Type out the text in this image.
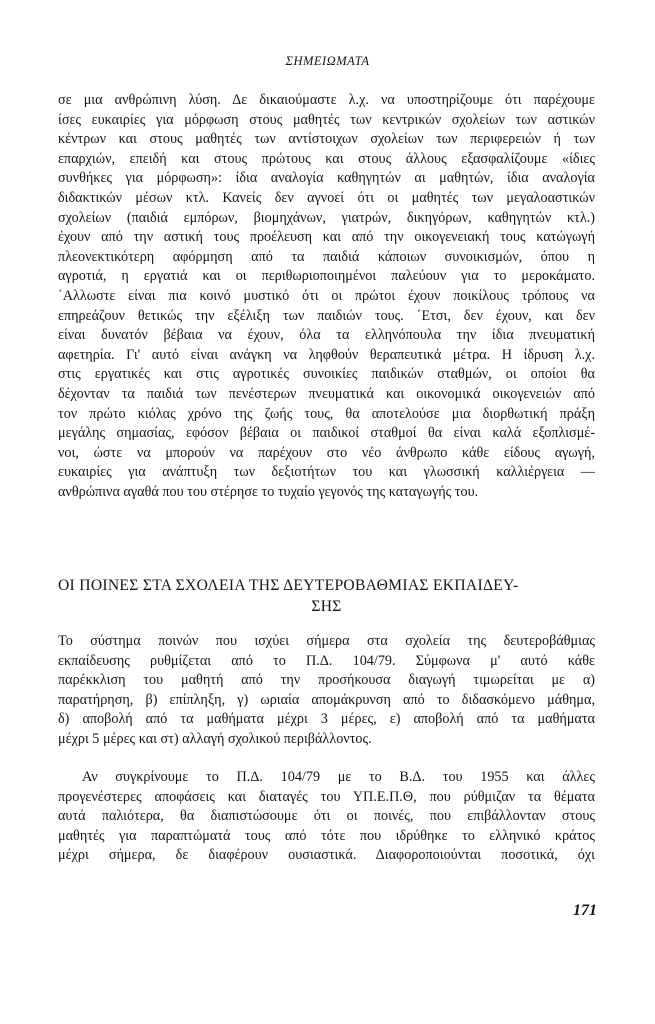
ΣΗΜΕΙΩΜΑΤΑ
σε μια ανθρώπινη λύση. Δε δικαιούμαστε λ.χ. να υποστηρίζουμε ότι παρέχουμε
ίσες ευκαιρίες για μόρφωση στους μαθητές των κεντρικών σχολείων των αστικών
κέντρων και στους μαθητές των αντίστοιχων σχολείων των περιφερειών ή των
επαρχιών, επειδή και στους πρώτους και στους άλλους εξασφαλίζουμε «ίδιες
συνθήκες για μόρφωση»: ίδια αναλογία καθηγητών αι μαθητών, ίδια αναλογία
διδακτικών μέσων κτλ. Κανείς δεν αγνοεί ότι οι μαθητές των μεγαλοαστικών
σχολείων (παιδιά εμπόρων, βιομηχάνων, γιατρών, δικηγόρων, καθηγητών κτλ.)
έχουν από την αστική τους προέλευση και από την οικογενειακή τους κατώγωγή
πλεονεκτικότερη αφόρμηση από τα παιδιά κάποιων συνοικισμών, όπου η
αγροτιά, η εργατιά και οι περιθωριοποιημένοι παλεύουν για το μεροκάματο.
΄Αλλωστε είναι πια κοινό μυστικό ότι οι πρώτοι έχουν ποικίλους τρόπους να
επηρεάζουν θετικώς την εξέλιξη των παιδιών τους. ΄Ετσι, δεν έχουν, και δεν
είναι δυνατόν βέβαια να έχουν, όλα τα ελληνόπουλα την ίδια πνευματική
αφετηρία. Γι' αυτό είναι ανάγκη να ληφθούν θεραπευτικά μέτρα. Η ίδρυση λ.χ.
στις εργατικές και στις αγροτικές συνοικίες παιδικών σταθμών, οι οποίοι θα
δέχονταν τα παιδιά των πενέστερων πνευματικά και οικονομικά οικογενειών από
τον πρώτο κιόλας χρόνο της ζωής τους, θα αποτελούσε μια διορθωτική πράξη
μεγάλης σημασίας, εφόσον βέβαια οι παιδικοί σταθμοί θα είναι καλά εξοπλισμέ-
νοι, ώστε να μπορούν να παρέχουν στο νέο άνθρωπο κάθε είδους αγωγή,
ευκαιρίες για ανάπτυξη των δεξιοτήτων του και γλωσσική καλλιέργεια —
ανθρώπινα αγαθά που του στέρησε το τυχαίο γεγονός της καταγωγής του.
ΟΙ ΠΟΙΝΕΣ ΣΤΑ ΣΧΟΛΕΙΑ ΤΗΣ ΔΕΥΤΕΡΟΒΑΘΜΙΑΣ ΕΚΠΑΙΔΕΥ-
ΣΗΣ
Το σύστημα ποινών που ισχύει σήμερα στα σχολεία της δευτεροβάθμιας
εκπαίδευσης ρυθμίζεται από το Π.Δ. 104/79. Σύμφωνα μ' αυτό κάθε
παρέκκλιση του μαθητή από την προσήκουσα διαγωγή τιμωρείται με α)
παρατήρηση, β) επίπληξη, γ) ωριαία απομάκρυνση από το διδασκόμενο μάθημα,
δ) αποβολή από τα μαθήματα μέχρι 3 μέρες, ε) αποβολή από τα μαθήματα
μέχρι 5 μέρες και στ) αλλαγή σχολικού περιβάλλοντος.
Αν συγκρίνουμε το Π.Δ. 104/79 με το Β.Δ. του 1955 και άλλες
προγενέστερες αποφάσεις και διαταγές του ΥΠ.Ε.Π.Θ, που ρύθμιζαν τα θέματα
αυτά παλιότερα, θα διαπιστώσουμε ότι οι ποινές, που επιβάλλονταν στους
μαθητές για παραπτώματά τους από τότε που ιδρύθηκε το ελληνικό κράτος
μέχρι σήμερα, δε διαφέρουν ουσιαστικά. Διαφοροποιούνται ποσοτικά, όχι
171
